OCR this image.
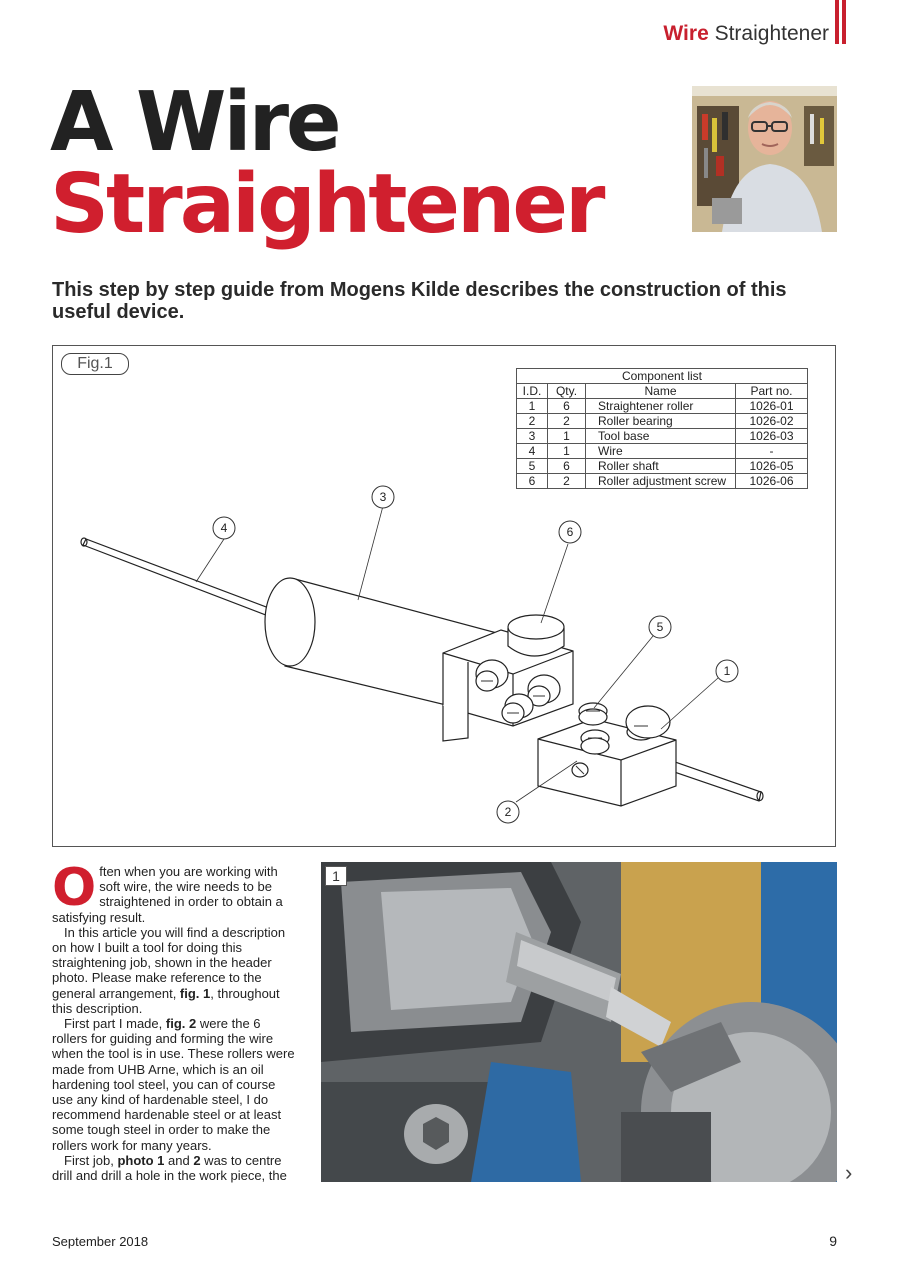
Wire Straightener
A Wire
Straightener

This step by step guide from Mogens Kilde describes the construction of this useful device.

4
3
6
5
1
2
Fig.1
Component list			
I.D.	Qty.	Name	Part no.
1	6	Straightener roller	1026-01
2	2	Roller bearing	1026-02
3	1	Tool base	1026-03
4	1	Wire	-
5	6	Roller shaft	1026-05
6	2	Roller adjustment screw	1026-06

Often when you are working with soft wire, the wire needs to be straightened in order to obtain a satisfying result.

In this article you will find a description on how I built a tool for doing this straightening job, shown in the header photo. Please make reference to the general arrangement, fig. 1, throughout this description.

First part I made, fig. 2 were the 6 rollers for guiding and forming the wire when the tool is in use. These rollers were made from UHB Arne, which is an oil hardening tool steel, you can of course use any kind of hardenable steel, I do recommend hardenable steel or at least some tough steel in order to make the rollers work for many years.

First job, photo 1 and 2 was to centre drill and drill a hole in the work piece, the

1
›
September 2018	9
